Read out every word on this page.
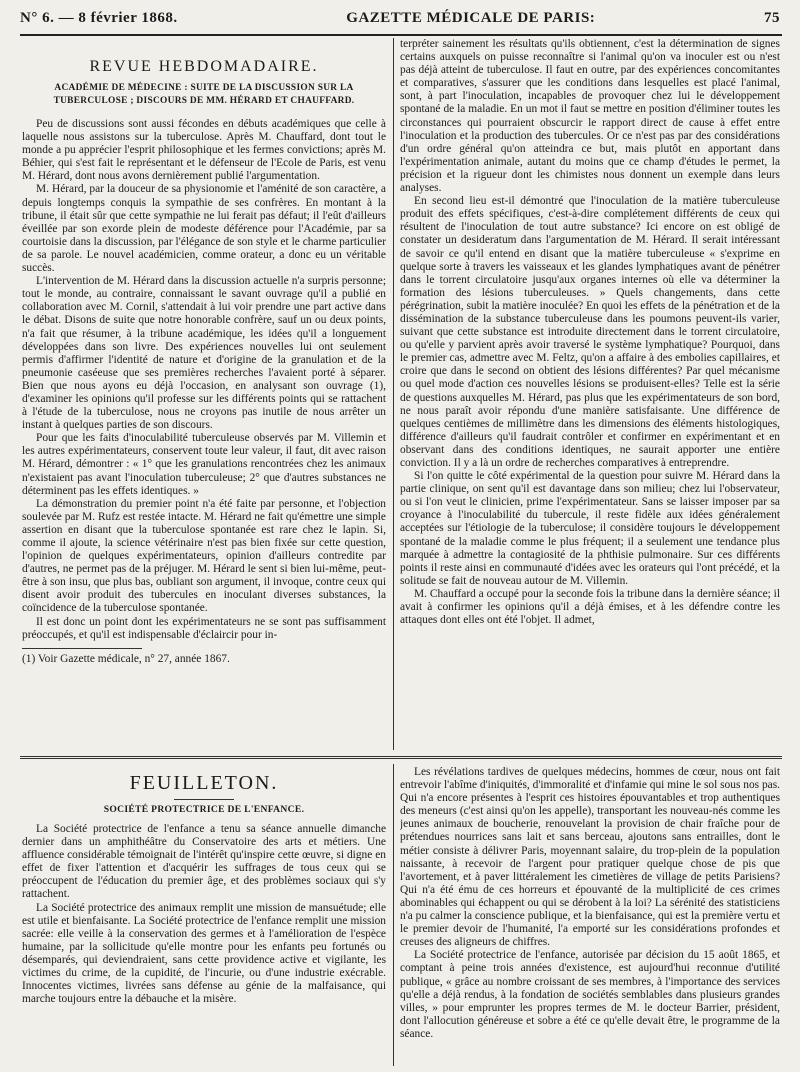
N° 6. — 8 février 1868.	GAZETTE MÉDICALE DE PARIS:	75
REVUE HEBDOMADAIRE.
ACADÉMIE DE MÉDECINE : SUITE DE LA DISCUSSION SUR LA
TUBERCULOSE ; DISCOURS DE MM. HÉRARD ET CHAUFFARD.

Peu de discussions sont aussi fécondes en débuts académiques que celle à laquelle nous assistons sur la tuberculose. Après M. Chauffard, dont tout le monde a pu apprécier l'esprit philosophique et les fermes convictions; après M. Béhier, qui s'est fait le représentant et le défenseur de l'Ecole de Paris, est venu M. Hérard, dont nous avons dernièrement publié l'argumentation.

M. Hérard, par la douceur de sa physionomie et l'aménité de son caractère, a depuis longtemps conquis la sympathie de ses confrères. En montant à la tribune, il était sûr que cette sympathie ne lui ferait pas défaut; il l'eût d'ailleurs éveillée par son exorde plein de modeste déférence pour l'Académie, par sa courtoisie dans la discussion, par l'élégance de son style et le charme particulier de sa parole. Le nouvel académicien, comme orateur, a donc eu un véritable succès.

L'intervention de M. Hérard dans la discussion actuelle n'a surpris personne; tout le monde, au contraire, connaissant le savant ouvrage qu'il a publié en collaboration avec M. Cornil, s'attendait à lui voir prendre une part active dans le débat. Disons de suite que notre honorable confrère, sauf un ou deux points, n'a fait que résumer, à la tribune académique, les idées qu'il a longuement développées dans son livre. Des expériences nouvelles lui ont seulement permis d'affirmer l'identité de nature et d'origine de la granulation et de la pneumonie caséeuse que ses premières recherches l'avaient porté à séparer. Bien que nous ayons eu déjà l'occasion, en analysant son ouvrage (1), d'examiner les opinions qu'il professe sur les différents points qui se rattachent à l'étude de la tuberculose, nous ne croyons pas inutile de nous arrêter un instant à quelques parties de son discours.

Pour que les faits d'inoculabilité tuberculeuse observés par M. Villemin et les autres expérimentateurs, conservent toute leur valeur, il faut, dit avec raison M. Hérard, démontrer : « 1° que les granulations rencontrées chez les animaux n'existaient pas avant l'inoculation tuberculeuse; 2° que d'autres substances ne déterminent pas les effets identiques. »

La démonstration du premier point n'a été faite par personne, et l'objection soulevée par M. Rufz est restée intacte. M. Hérard ne fait qu'émettre une simple assertion en disant que la tuberculose spontanée est rare chez le lapin. Si, comme il ajoute, la science vétérinaire n'est pas bien fixée sur cette question, l'opinion de quelques expérimentateurs, opinion d'ailleurs contredite par d'autres, ne permet pas de la préjuger. M. Hérard le sent si bien lui-même, peut-être à son insu, que plus bas, oubliant son argument, il invoque, contre ceux qui disent avoir produit des tubercules en inoculant diverses substances, la coïncidence de la tuberculose spontanée.

Il est donc un point dont les expérimentateurs ne se sont pas suffisamment préoccupés, et qu'il est indispensable d'éclaircir pour in-

(1) Voir Gazette médicale, n° 27, année 1867.

terpréter sainement les résultats qu'ils obtiennent, c'est la détermination de signes certains auxquels on puisse reconnaître si l'animal qu'on va inoculer est ou n'est pas déjà atteint de tuberculose. Il faut en outre, par des expériences concomitantes et comparatives, s'assurer que les conditions dans lesquelles est placé l'animal, sont, à part l'inoculation, incapables de provoquer chez lui le développement spontané de la maladie. En un mot il faut se mettre en position d'éliminer toutes les circonstances qui pourraient obscurcir le rapport direct de cause à effet entre l'inoculation et la production des tubercules. Or ce n'est pas par des considérations d'un ordre général qu'on atteindra ce but, mais plutôt en apportant dans l'expérimentation animale, autant du moins que ce champ d'études le permet, la précision et la rigueur dont les chimistes nous donnent un exemple dans leurs analyses.

En second lieu est-il démontré que l'inoculation de la matière tuberculeuse produit des effets spécifiques, c'est-à-dire complétement différents de ceux qui résultent de l'inoculation de tout autre substance? Ici encore on est obligé de constater un desideratum dans l'argumentation de M. Hérard. Il serait intéressant de savoir ce qu'il entend en disant que la matière tuberculeuse « s'exprime en quelque sorte à travers les vaisseaux et les glandes lymphatiques avant de pénétrer dans le torrent circulatoire jusqu'aux organes internes où elle va déterminer la formation des lésions tuberculeuses. » Quels changements, dans cette pérégrination, subit la matière inoculée? En quoi les effets de la pénétration et de la dissémination de la substance tuberculeuse dans les poumons peuvent-ils varier, suivant que cette substance est introduite directement dans le torrent circulatoire, ou qu'elle y parvient après avoir traversé le système lymphatique? Pourquoi, dans le premier cas, admettre avec M. Feltz, qu'on a affaire à des embolies capillaires, et croire que dans le second on obtient des lésions différentes? Par quel mécanisme ou quel mode d'action ces nouvelles lésions se produisent-elles? Telle est la série de questions auxquelles M. Hérard, pas plus que les expérimentateurs de son bord, ne nous paraît avoir répondu d'une manière satisfaisante. Une différence de quelques centièmes de millimètre dans les dimensions des éléments histologiques, différence d'ailleurs qu'il faudrait contrôler et confirmer en expérimentant et en observant dans des conditions identiques, ne saurait apporter une entière conviction. Il y a là un ordre de recherches comparatives à entreprendre.

Si l'on quitte le côté expérimental de la question pour suivre M. Hérard dans la partie clinique, on sent qu'il est davantage dans son milieu; chez lui l'observateur, ou si l'on veut le clinicien, prime l'expérimentateur. Sans se laisser imposer par sa croyance à l'inoculabilité du tubercule, il reste fidèle aux idées généralement acceptées sur l'étiologie de la tuberculose; il considère toujours le développement spontané de la maladie comme le plus fréquent; il a seulement une tendance plus marquée à admettre la contagiosité de la phthisie pulmonaire. Sur ces différents points il reste ainsi en communauté d'idées avec les orateurs qui l'ont précédé, et la solitude se fait de nouveau autour de M. Villemin.

M. Chauffard a occupé pour la seconde fois la tribune dans la dernière séance; il avait à confirmer les opinions qu'il a déjà émises, et à les défendre contre les attaques dont elles ont été l'objet. Il admet,

FEUILLETON.
SOCIÉTÉ PROTECTRICE DE L'ENFANCE.

La Société protectrice de l'enfance a tenu sa séance annuelle dimanche dernier dans un amphithéâtre du Conservatoire des arts et métiers. Une affluence considérable témoignait de l'intérêt qu'inspire cette œuvre, si digne en effet de fixer l'attention et d'acquérir les suffrages de tous ceux qui se préoccupent de l'éducation du premier âge, et des problèmes sociaux qui s'y rattachent.

La Société protectrice des animaux remplit une mission de mansuétude; elle est utile et bienfaisante. La Société protectrice de l'enfance remplit une mission sacrée: elle veille à la conservation des germes et à l'amélioration de l'espèce humaine, par la sollicitude qu'elle montre pour les enfants peu fortunés ou désemparés, qui deviendraient, sans cette providence active et vigilante, les victimes du crime, de la cupidité, de l'incurie, ou d'une industrie exécrable. Innocentes victimes, livrées sans défense au génie de la malfaisance, qui marche toujours entre la débauche et la misère.

Les révélations tardives de quelques médecins, hommes de cœur, nous ont fait entrevoir l'abîme d'iniquités, d'immoralité et d'infamie qui mine le sol sous nos pas. Qui n'a encore présentes à l'esprit ces histoires épouvantables et trop authentiques des meneurs (c'est ainsi qu'on les appelle), transportant les nouveau-nés comme les jeunes animaux de boucherie, renouvelant la provision de chair fraîche pour de prétendues nourrices sans lait et sans berceau, ajoutons sans entrailles, dont le métier consiste à délivrer Paris, moyennant salaire, du trop-plein de la population naissante, à recevoir de l'argent pour pratiquer quelque chose de pis que l'avortement, et à paver littéralement les cimetières de village de petits Parisiens? Qui n'a été ému de ces horreurs et épouvanté de la multiplicité de ces crimes abominables qui échappent ou qui se dérobent à la loi? La sérénité des statisticiens n'a pu calmer la conscience publique, et la bienfaisance, qui est la première vertu et le premier devoir de l'humanité, l'a emporté sur les considérations profondes et creuses des aligneurs de chiffres.

La Société protectrice de l'enfance, autorisée par décision du 15 août 1865, et comptant à peine trois années d'existence, est aujourd'hui reconnue d'utilité publique, « grâce au nombre croissant de ses membres, à l'importance des services qu'elle a déjà rendus, à la fondation de sociétés semblables dans plusieurs grandes villes, » pour emprunter les propres termes de M. le docteur Barrier, président, dont l'allocution généreuse et sobre a été ce qu'elle devait être, le programme de la séance.
